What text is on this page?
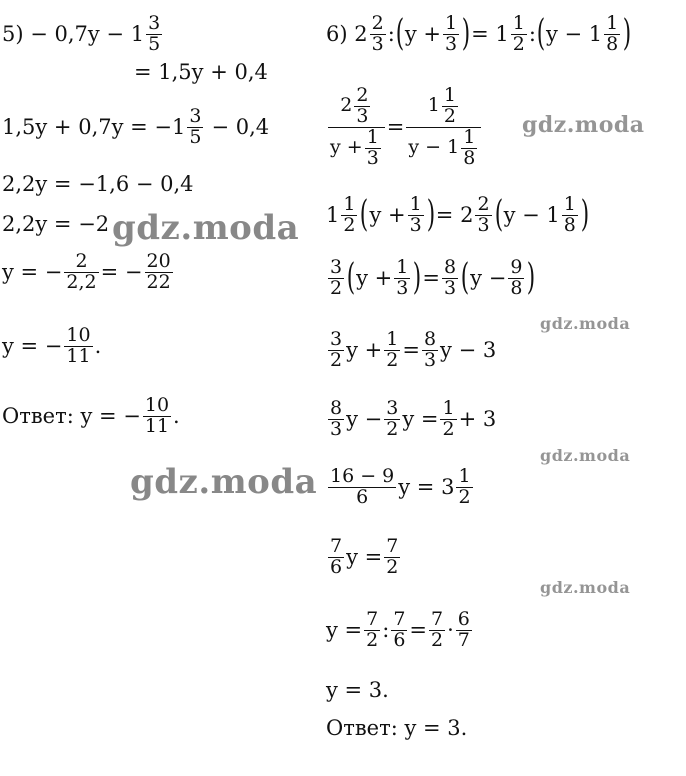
$5) - 0,7y - 1 \frac{3}{5}$
= 1,5y + 0,4
$1,5y + 0,7y = -1 \frac{3}{5} - 0,4$
2,2y = −1,6 − 0,4
2,2y = −2
y = − $\frac{2}{2,2}$ = − $\frac{20}{22}$
y = − $\frac{10}{11}$ .
Ответ: y = − $\frac{10}{11}$ .
6) $2 \frac{2}{3}$ : ( $y + \frac{1}{3}$ ) = $1 \frac{1}{2}$ : ( $y - 1 \frac{1}{8}$ )
$\frac{2 \frac{2}{3}}{y + \frac{1}{3}} = \frac{1 \frac{1}{2}}{y - 1 \frac{1}{8}}$
$1 \frac{1}{2}$ ( $y + \frac{1}{3}$ ) = $2 \frac{2}{3}$ ( $y - 1 \frac{1}{8}$ )
$\frac{3}{2}$ ( $y + \frac{1}{3}$ ) = $\frac{8}{3}$ ( $y - \frac{9}{8}$ )
$\frac{3}{2}$ $y + \frac{1}{2} = \frac{8}{3}$ y − 3
$\frac{8}{3}$ $y - \frac{3}{2}$ $y = \frac{1}{2} + 3$
$\frac{16 - 9}{6}$ $y = 3 \frac{1}{2}$
$\frac{7}{6}$ $y = \frac{7}{2}$
$y = \frac{7}{2}$ : $\frac{7}{6} = \frac{7}{2} \cdot \frac{6}{7}$
y = 3.
Ответ: y = 3.
gdz.moda
gdz.moda
gdz.moda
gdz.moda
gdz.moda
gdz.moda
